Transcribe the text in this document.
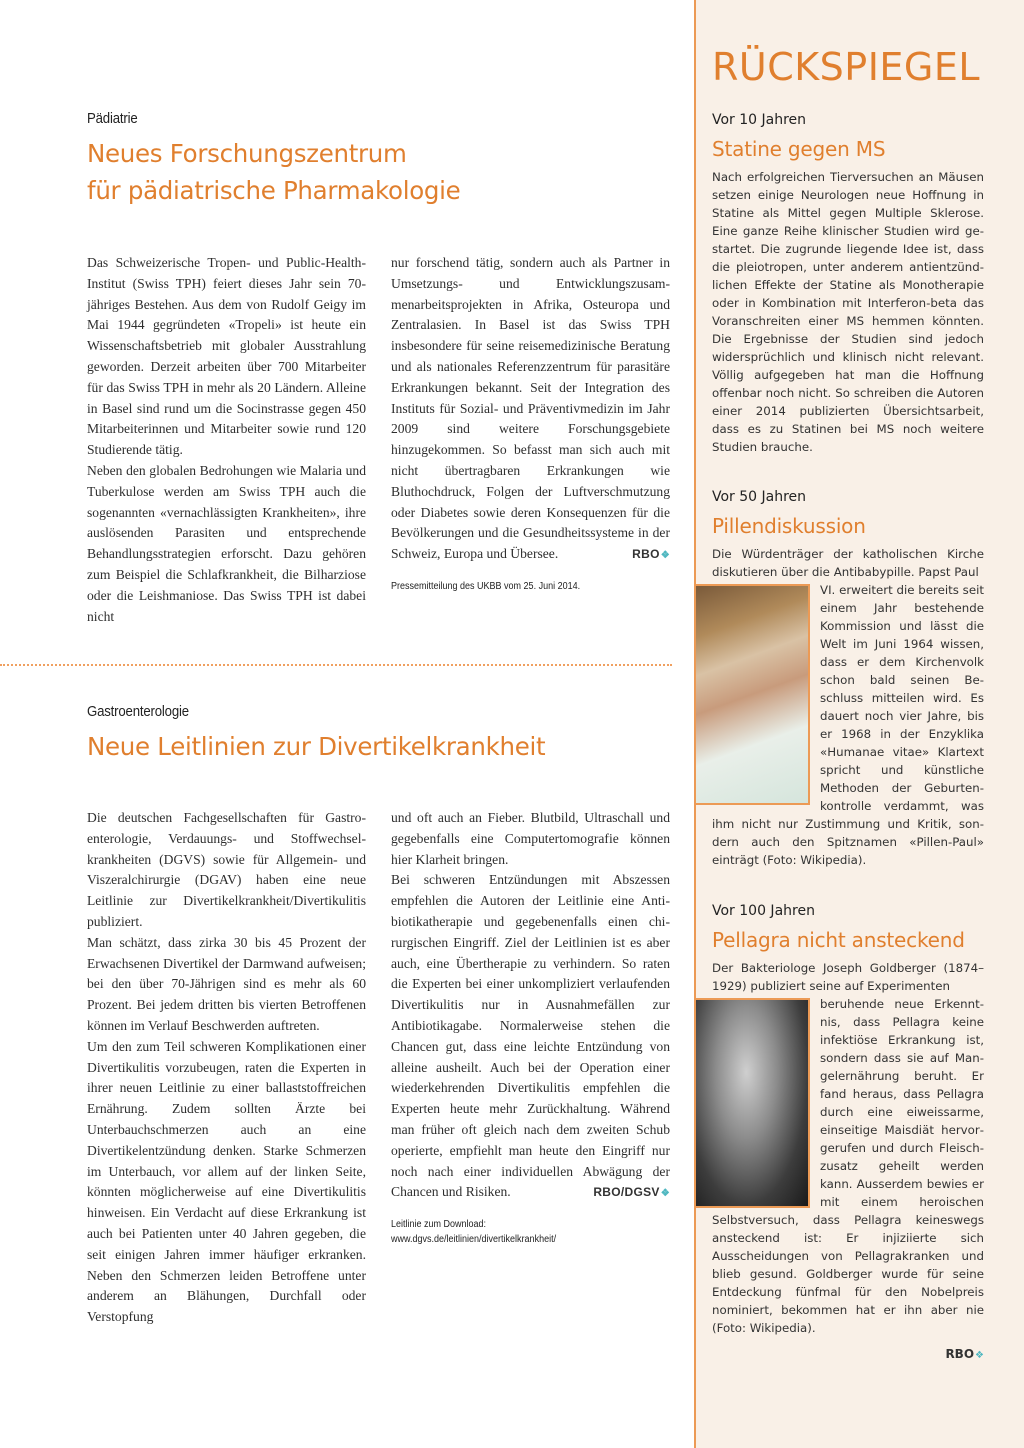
Pädiatrie
Neues Forschungszentrum
für pädiatrische Pharmakologie

Das Schweizerische Tropen- und Public-Health-Institut (Swiss TPH) feiert dieses Jahr sein 70-jähriges Bestehen. Aus dem von Rudolf Geigy im Mai 1944 gegründeten «Tropeli» ist heute ein Wissenschaftsbetrieb mit globaler Ausstrahlung geworden. Derzeit arbeiten über 700 Mitarbeiter für das Swiss TPH in mehr als 20 Ländern. Alleine in Basel sind rund um die Socinstrasse gegen 450 Mitarbeiterinnen und Mitarbeiter sowie rund 120 Studierende tätig.

Neben den globalen Bedrohungen wie Malaria und Tuberkulose werden am Swiss TPH auch die sogenannten «vernachlässigten Krankheiten», ihre auslösenden Parasiten und entsprechende Behandlungsstrategien erforscht. Dazu gehören zum Beispiel die Schlafkrankheit, die Bilharziose oder die Leishmaniose. Das Swiss TPH ist dabei nicht

nur forschend tätig, sondern auch als Partner in Umsetzungs- und Entwicklungszusammenarbeitsprojekten in Afrika, Osteuropa und Zentralasien. In Basel ist das Swiss TPH insbesondere für seine reisemedizinische Beratung und als nationales Referenzzentrum für parasitäre Erkrankungen bekannt. Seit der Integration des Instituts für Sozial- und Präventivmedizin im Jahr 2009 sind weitere Forschungsgebiete hinzugekommen. So befasst man sich auch mit nicht übertragbaren Erkrankungen wie Bluthochdruck, Folgen der Luftverschmutzung oder Diabetes sowie deren Konsequenzen für die Bevölkerungen und die Gesundheitssysteme in der Schweiz, Europa und Übersee.	RBO❖

Pressemitteilung des UKBB vom 25. Juni 2014.
Gastroenterologie
Neue Leitlinien zur Divertikelkrankheit

Die deutschen Fachgesellschaften für Gastroenterologie, Verdauungs- und Stoffwechselkrankheiten (DGVS) sowie für Allgemein- und Viszeralchirurgie (DGAV) haben eine neue Leitlinie zur Divertikelkrankheit/Divertikulitis publiziert.

Man schätzt, dass zirka 30 bis 45 Prozent der Erwachsenen Divertikel der Darmwand aufweisen; bei den über 70-Jährigen sind es mehr als 60 Prozent. Bei jedem dritten bis vierten Betroffenen können im Verlauf Beschwerden auftreten.

Um den zum Teil schweren Komplikationen einer Divertikulitis vorzubeugen, raten die Experten in ihrer neuen Leitlinie zu einer ballaststoffreichen Ernährung. Zudem sollten Ärzte bei Unterbauchschmerzen auch an eine Divertikelentzündung denken. Starke Schmerzen im Unterbauch, vor allem auf der linken Seite, könnten möglicherweise auf eine Divertikulitis hinweisen. Ein Verdacht auf diese Erkrankung ist auch bei Patienten unter 40 Jahren gegeben, die seit einigen Jahren immer häufiger erkranken. Neben den Schmerzen leiden Betroffene unter anderem an Blähungen, Durchfall oder Verstopfung

und oft auch an Fieber. Blutbild, Ultraschall und gegebenfalls eine Computertomografie können hier Klarheit bringen.

Bei schweren Entzündungen mit Abszessen empfehlen die Autoren der Leitlinie eine Antibiotikatherapie und gegebenenfalls einen chirurgischen Eingriff. Ziel der Leitlinien ist es aber auch, eine Übertherapie zu verhindern. So raten die Experten bei einer unkompliziert verlaufenden Divertikulitis nur in Ausnahmefällen zur Antibiotikagabe. Normalerweise stehen die Chancen gut, dass eine leichte Entzündung von alleine ausheilt. Auch bei der Operation einer wiederkehrenden Divertikulitis empfehlen die Experten heute mehr Zurückhaltung. Während man früher oft gleich nach dem zweiten Schub operierte, empfiehlt man heute den Eingriff nur noch nach einer individuellen Abwägung der Chancen und Risiken.	RBO/DGSV❖

Leitlinie zum Download:
www.dgvs.de/leitlinien/divertikelkrankheit/
RÜCKSPIEGEL
Vor 10 Jahren
Statine gegen MS
Nach erfolgreichen Tierversuchen an Mäusen setzen einige Neurologen neue Hoffnung in Statine als Mittel gegen Multiple Sklerose. Eine ganze Reihe klinischer Studien wird gestartet. Die zugrunde liegende Idee ist, dass die pleiotropen, unter anderem antientzündlichen Effekte der Statine als Monotherapie oder in Kombination mit Interferon-beta das Voranschreiten einer MS hemmen könnten. Die Ergebnisse der Studien sind jedoch widersprüchlich und klinisch nicht relevant. Völlig aufgegeben hat man die Hoffnung offenbar noch nicht. So schreiben die Autoren einer 2014 publizierten Übersichtsarbeit, dass es zu Statinen bei MS noch weitere Studien brauche.
Vor 50 Jahren
Pillendiskussion
Die Würdenträger der katholischen Kirche diskutieren über die Antibabypille. Papst Paul
VI. erweitert die bereits seit einem Jahr bestehende Kommission und lässt die Welt im Juni 1964 wissen, dass er dem Kirchenvolk schon bald seinen Beschluss mitteilen wird. Es dauert noch vier Jahre, bis er 1968 in der Enzyklika «Humanae vitae» Klartext spricht und künstliche Methoden der Geburtenkontrolle verdammt, was ihm nicht nur Zustimmung und Kritik, sondern auch den Spitznamen «Pillen-Paul» einträgt (Foto: Wikipedia).
Vor 100 Jahren
Pellagra nicht ansteckend
Der Bakteriologe Joseph Goldberger (1874–1929) publiziert seine auf Experimenten
beruhende neue Erkenntnis, dass Pellagra keine infektiöse Erkrankung ist, sondern dass sie auf Mangelernährung beruht. Er fand heraus, dass Pellagra durch eine eiweissarme, einseitige Maisdiät hervorgerufen und durch Fleischzusatz geheilt werden kann. Ausserdem bewies er mit einem heroischen Selbstversuch, dass Pellagra keineswegs ansteckend ist: Er injiziierte sich Ausscheidungen von Pellagrakranken und blieb gesund. Goldberger wurde für seine Entdeckung fünfmal für den Nobelpreis nominiert, bekommen hat er ihn aber nie (Foto: Wikipedia).
RBO❖
